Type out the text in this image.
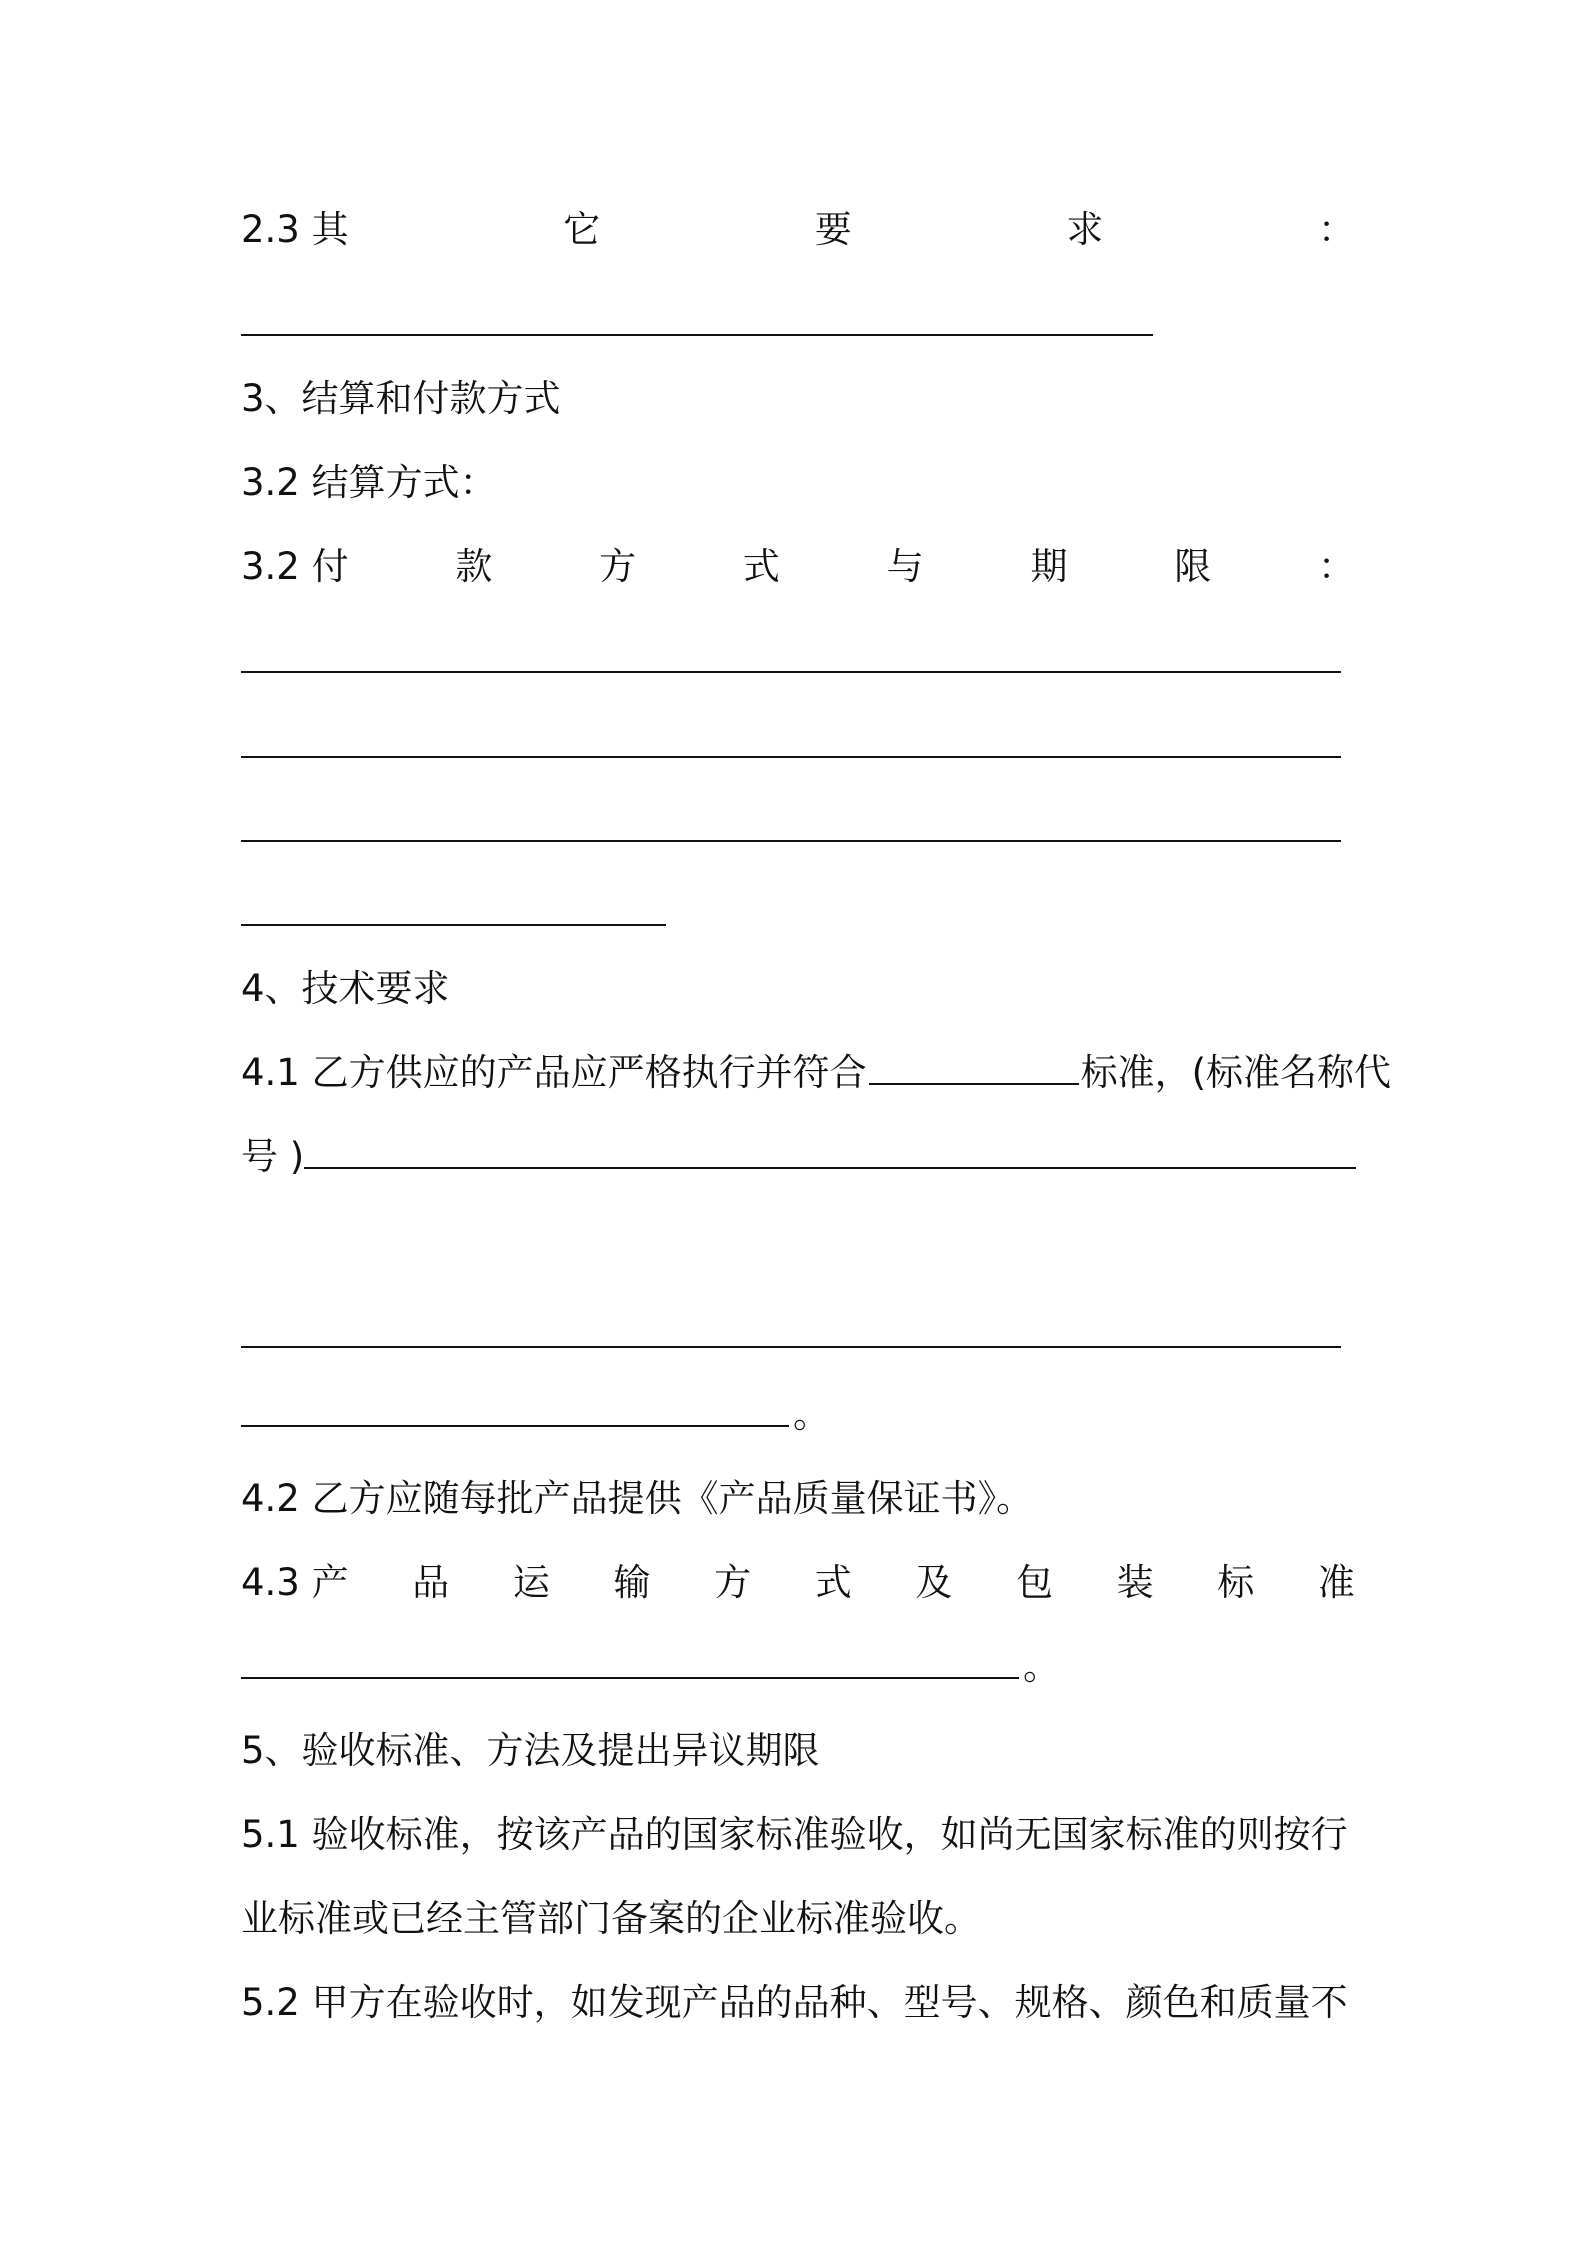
2.3 其	它	要	求	：
3、结算和付款方式
3.2 结算方式：
3.2 付	款	方	式	与	期	限	：
4、技术要求
4.1 乙方供应的产品应严格执行并符合	标准，(标准名称代
号 )
。
4.2 乙方应随每批产品提供《产品质量保证书》。
4.3 产 品 运 输 方 式 及 包 装 标 准
。
5、验收标准、方法及提出异议期限
5.1 验收标准，按该产品的国家标准验收，如尚无国家标准的则按行
业标准或已经主管部门备案的企业标准验收。
5.2 甲方在验收时，如发现产品的品种、型号、规格、颜色和质量不
